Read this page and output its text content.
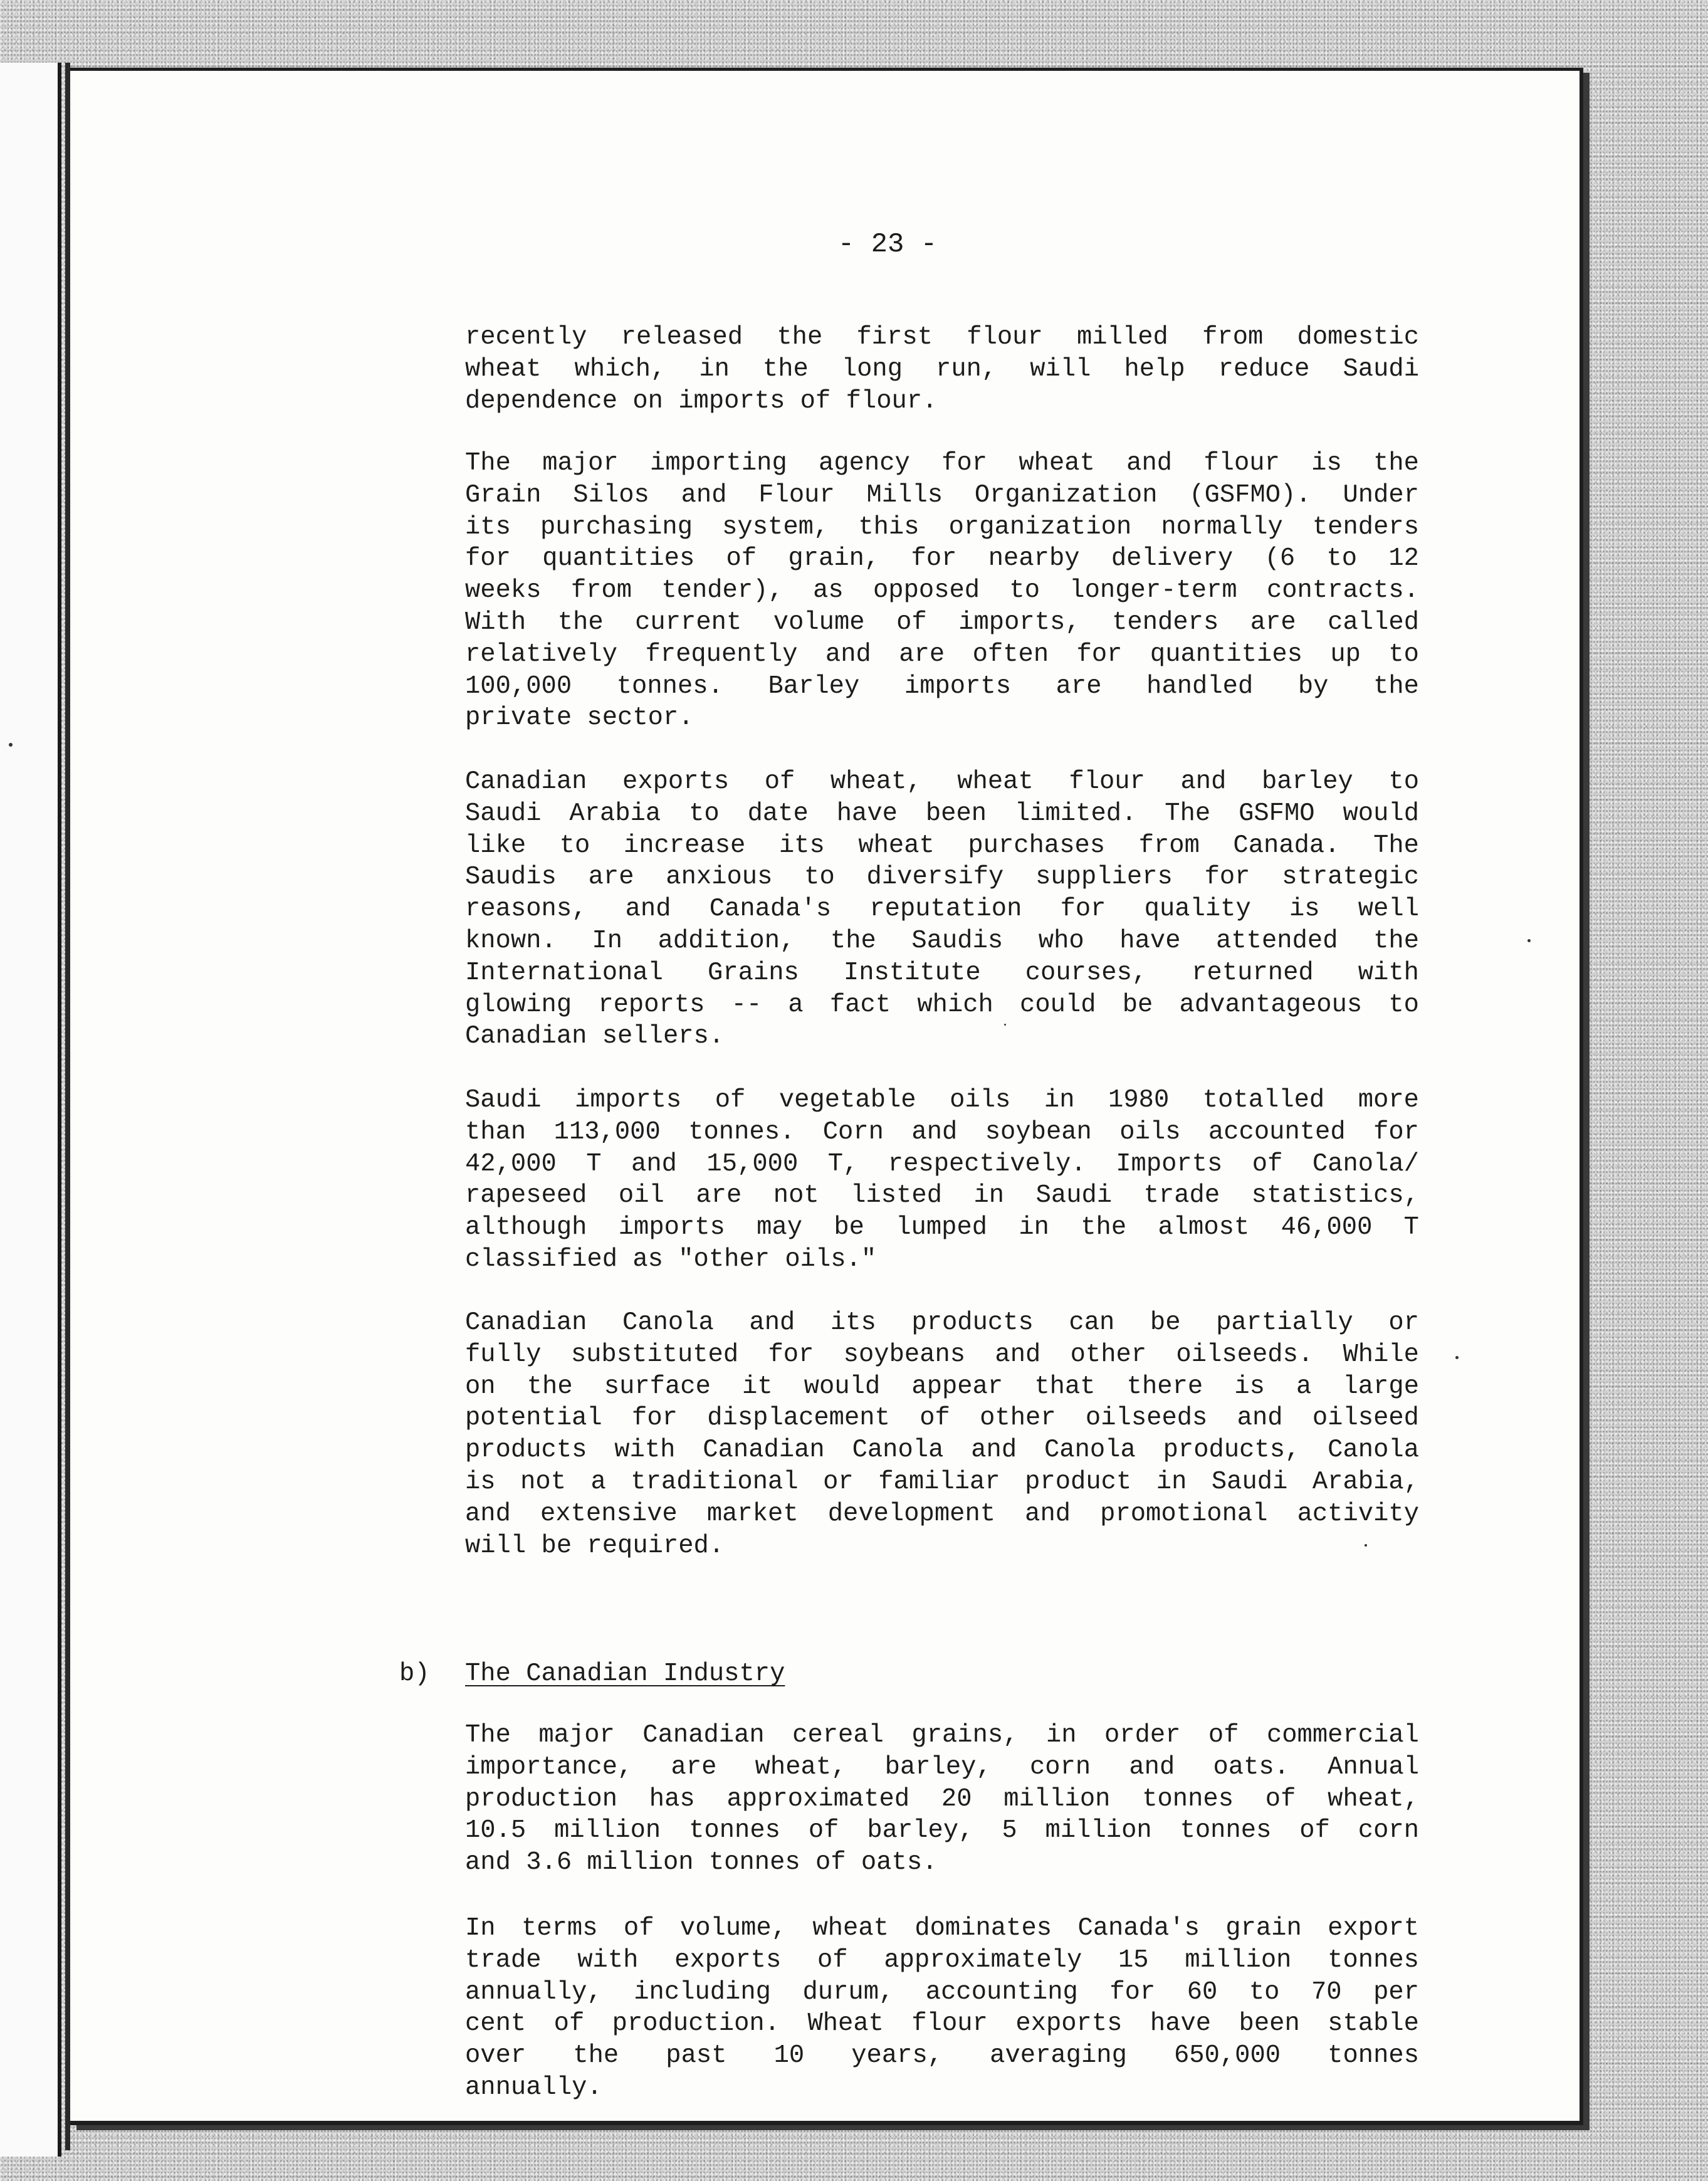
- 23 -
recently released the first flour milled from domestic
wheat which, in the long run, will help reduce Saudi
dependence on imports of flour.
The major importing agency for wheat and flour is the
Grain Silos and Flour Mills Organization (GSFMO). Under
its purchasing system, this organization normally tenders
for quantities of grain, for nearby delivery (6 to 12
weeks from tender), as opposed to longer-term contracts.
With the current volume of imports, tenders are called
relatively frequently and are often for quantities up to
100,000 tonnes. Barley imports are handled by the
private sector.
Canadian exports of wheat, wheat flour and barley to
Saudi Arabia to date have been limited. The GSFMO would
like to increase its wheat purchases from Canada. The
Saudis are anxious to diversify suppliers for strategic
reasons, and Canada's reputation for quality is well
known. In addition, the Saudis who have attended the
International Grains Institute courses, returned with
glowing reports -- a fact which could be advantageous to
Canadian sellers.
Saudi imports of vegetable oils in 1980 totalled more
than 113,000 tonnes. Corn and soybean oils accounted for
42,000 T and 15,000 T, respectively. Imports of Canola/
rapeseed oil are not listed in Saudi trade statistics,
although imports may be lumped in the almost 46,000 T
classified as "other oils."
Canadian Canola and its products can be partially or
fully substituted for soybeans and other oilseeds. While
on the surface it would appear that there is a large
potential for displacement of other oilseeds and oilseed
products with Canadian Canola and Canola products, Canola
is not a traditional or familiar product in Saudi Arabia,
and extensive market development and promotional activity
will be required.
b) The Canadian Industry
The major Canadian cereal grains, in order of commercial
importance, are wheat, barley, corn and oats. Annual
production has approximated 20 million tonnes of wheat,
10.5 million tonnes of barley, 5 million tonnes of corn
and 3.6 million tonnes of oats.
In terms of volume, wheat dominates Canada's grain export
trade with exports of approximately 15 million tonnes
annually, including durum, accounting for 60 to 70 per
cent of production. Wheat flour exports have been stable
over the past 10 years, averaging 650,000 tonnes
annually.
